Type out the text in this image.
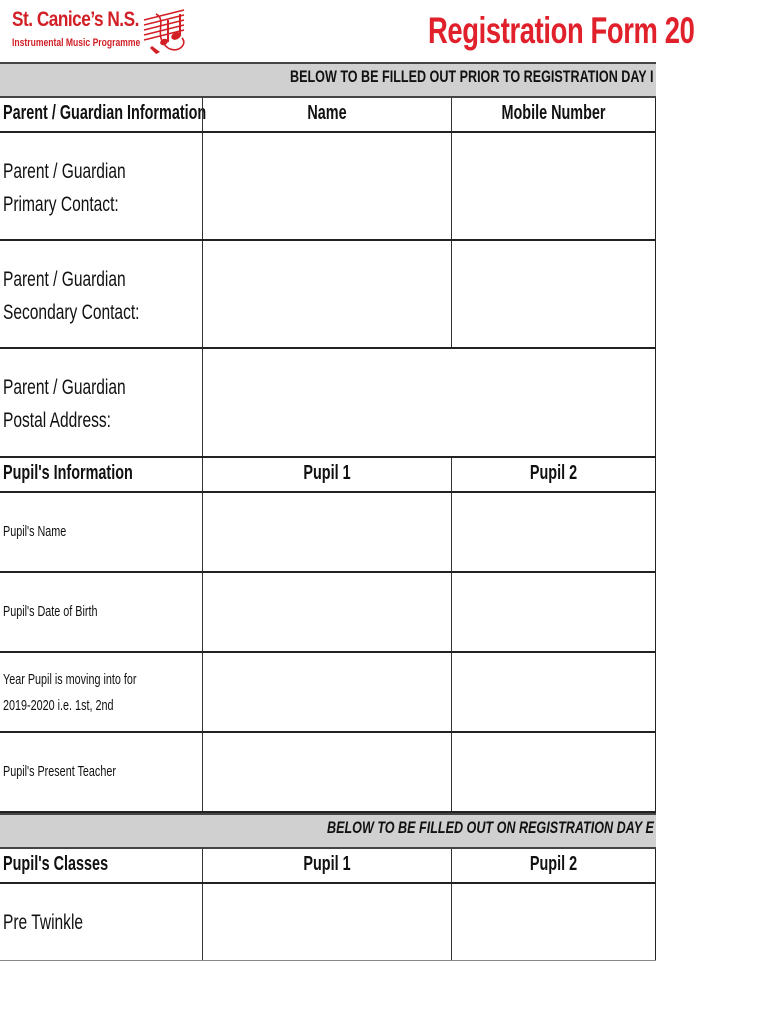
St. Canice’s N.S.
Instrumental Music Programme	Registration Form 20
BELOW TO BE FILLED OUT PRIOR TO REGISTRATION DAY I
Parent / Guardian Information	Name	Mobile Number
Parent / Guardian
Primary Contact:
Parent / Guardian
Secondary Contact:
Parent / Guardian
Postal Address:
Pupil's Information	Pupil 1	Pupil 2
Pupil's Name
Pupil's Date of Birth
Year Pupil is moving into for
2019-2020 i.e. 1st, 2nd
Pupil's Present Teacher
BELOW TO BE FILLED OUT ON REGISTRATION DAY E
Pupil's Classes	Pupil 1	Pupil 2
Pre Twinkle
